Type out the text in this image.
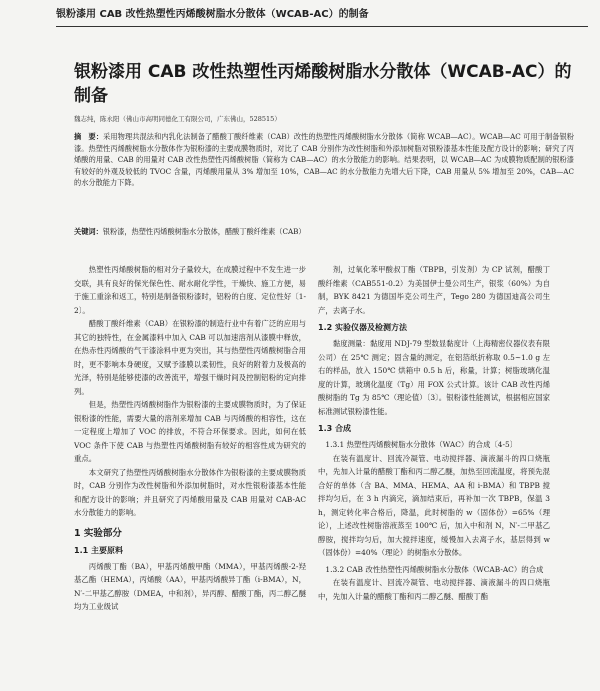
银粉漆用 CAB 改性热塑性丙烯酸树脂水分散体（WCAB-AC）的制备
银粉漆用 CAB 改性热塑性丙烯酸树脂水分散体（WCAB-AC）的制备
魏志纯，陈永阳（佛山市高明同德化工有限公司，广东佛山，528515）
摘　要：采用物理共混法和内乳化法制备了醋酸丁酸纤维素（CAB）改性的热塑性丙烯酸树脂水分散体（简称 WCAB—AC）。WCAB—AC 可用于制备银粉漆。热塑性丙烯酸树脂水分散体作为银粉漆的主要成膜物质时，对比了 CAB 分别作为改性树脂和外添加树脂对银粉漆基本性能及配方设计的影响；研究了丙烯酸的用量、CAB 的用量对 CAB 改性热塑性丙烯酸树脂（简称为 CAB—AC）的水分散能力的影响。结果表明，以 WCAB—AC 为成膜物质配制的银粉漆有较好的外观及较低的 TVOC 含量，丙烯酸用量从 3% 增加至 10%，CAB—AC 的水分散能力先增大后下降，CAB 用量从 5% 增加至 20%，CAB—AC 的水分散能力下降。
关键词：银粉漆，热塑性丙烯酸树脂水分散体，醋酸丁酸纤维素（CAB）

热塑性丙烯酸树脂的相对分子量较大，在成膜过程中不发生进一步交联，具有良好的保光保色性、耐水耐化学性，干燥快、施工方便，易于施工重涂和返工，特别是制备银粉漆时，铝粉的白度、定位性好〔1-2〕。

醋酸丁酸纤维素（CAB）在银粉漆的制造行业中有着广泛的应用与其它的独特性，在金属漆料中加入 CAB 可以加速溶剂从漆膜中释放，在热赤性丙烯酸的气干漆涂料中更为突出，其与热塑性丙烯酸树脂合用时，更不影响本身硬度，又赋予漆膜以柔韧性，良好的附着力及极高的光泽，特别是能够使漆的改善流平，增强干燥时间及控制铝粉的定向排列。

但是，热塑性丙烯酸树脂作为银粉漆的主要成膜物质时，为了保证银粉漆的性能，需要大量的溶剂来增加 CAB 与丙烯酸的相容性，这在一定程度上增加了 VOC 的排放，不符合环保要求。因此，如何在低 VOC 条件下使 CAB 与热塑性丙烯酸树脂有较好的相容性成为研究的重点。

本文研究了热塑性丙烯酸树脂水分散体作为银粉漆的主要成膜物质时，CAB 分别作为改性树脂和外添加树脂时，对水性银粉漆基本性能和配方设计的影响；并且研究了丙烯酸用量及 CAB 用量对 CAB-AC 水分散能力的影响。

1 实验部分
1.1 主要原料

丙烯酸丁酯（BA），甲基丙烯酸甲酯（MMA），甲基丙烯酸-2-羟基乙酯（HEMA），丙烯酸（AA），甲基丙烯酸异丁酯（i-BMA），N，N′-二甲基乙醇胺（DMEA，中和剂），异丙醇、醋酸丁酯，丙二醇乙醚均为工业级试

剂，过氧化苯甲酸叔丁酯（TBPB，引发剂）为 CP 试剂，醋酸丁酸纤维素（CAB551-0.2）为美国伊士曼公司生产，银浆（60%）为自制，BYK 8421 为德国毕克公司生产，Tego 280 为德国迪高公司生产，去离子水。

1.2 实验仪器及检测方法

黏度测量：黏度用 NDJ-79 型数显黏度计（上海精密仪器仪表有限公司）在 25℃ 测定；固含量的测定，在铝箔纸折称取 0.5~1.0 g 左右的样品，放入 150℃ 烘箱中 0.5 h 后，称量，计算；树脂玻璃化温度的计算，玻璃化温度（Tg）用 FOX 公式计算。该计 CAB 改性丙烯酸树脂的 Tg 为 85℃（理论值）〔3〕。银粉漆性能测试，根据相应国家标准测试银粉漆性能。

1.3 合成
1.3.1 热塑性丙烯酸树脂水分散体（WAC）的合成〔4-5〕

在装有温度计、回流冷凝管、电动搅拌器、滴液漏斗的四口烧瓶中，先加入计量的醋酸丁酯和丙二醇乙醚，加热至回流温度，将预先混合好的单体（含 BA、MMA、HEMA、AA 和 i-BMA）和 TBPB 搅拌均匀后，在 3 h 内滴完，滴加结束后，再补加一次 TBPB，保温 3 h，测定转化率合格后，降温，此时树脂的 w（固体份）=65%（理论），上述改性树脂溶液蒸至 100℃ 后，加入中和剂 N，N′-二甲基乙醇胺，搅拌均匀后，加大搅拌速度，缓慢加入去离子水，基层得到 w（固体份）=40%（理论）的树脂水分散体。

1.3.2 CAB 改性热塑性丙烯酸树脂水分散体（WCAB-AC）的合成

在装有温度计、回流冷凝管、电动搅拌器、滴液漏斗的四口烧瓶中，先加入计量的醋酸丁酯和丙二醇乙醚、醋酸丁酯
